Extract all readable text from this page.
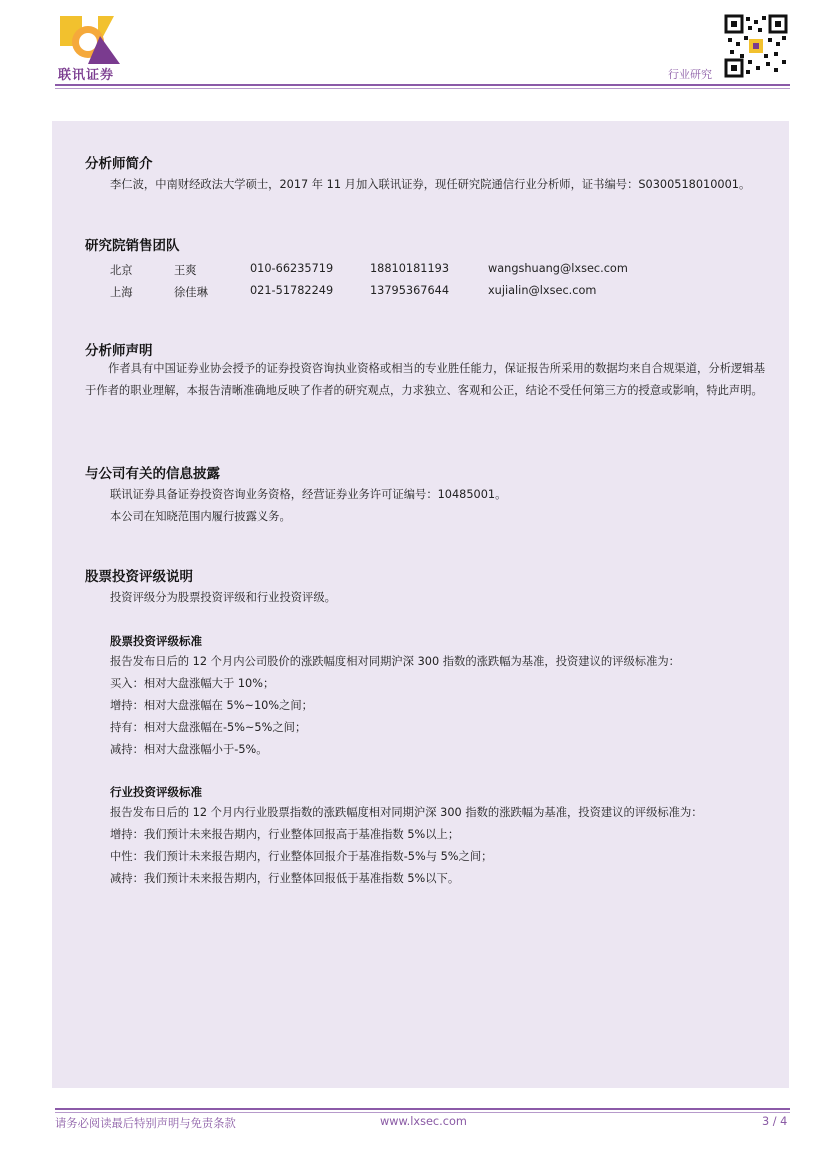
联讯证券	行业研究
分析师简介
李仁波，中南财经政法大学硕士，2017 年 11 月加入联讯证券，现任研究院通信行业分析师，证书编号：S0300518010001。
研究院销售团队
北京	王爽	010-66235719	18810181193	wangshuang@lxsec.com
上海	徐佳琳	021-51782249	13795367644	xujialin@lxsec.com
分析师声明
作者具有中国证券业协会授予的证券投资咨询执业资格或相当的专业胜任能力，保证报告所采用的数据均来自合规渠道，分析逻辑基于作者的职业理解，本报告清晰准确地反映了作者的研究观点，力求独立、客观和公正，结论不受任何第三方的授意或影响，特此声明。
与公司有关的信息披露
联讯证券具备证券投资咨询业务资格，经营证券业务许可证编号：10485001。
本公司在知晓范围内履行披露义务。
股票投资评级说明
投资评级分为股票投资评级和行业投资评级。
股票投资评级标准
报告发布日后的 12 个月内公司股价的涨跌幅度相对同期沪深 300 指数的涨跌幅为基准，投资建议的评级标准为：
买入：相对大盘涨幅大于 10%；
增持：相对大盘涨幅在 5%~10%之间；
持有：相对大盘涨幅在-5%~5%之间；
减持：相对大盘涨幅小于-5%。
行业投资评级标准
报告发布日后的 12 个月内行业股票指数的涨跌幅度相对同期沪深 300 指数的涨跌幅为基准，投资建议的评级标准为：
增持：我们预计未来报告期内，行业整体回报高于基准指数 5%以上；
中性：我们预计未来报告期内，行业整体回报介于基准指数-5%与 5%之间；
减持：我们预计未来报告期内，行业整体回报低于基准指数 5%以下。
请务必阅读最后特别声明与免责条款	www.lxsec.com	3 / 4
